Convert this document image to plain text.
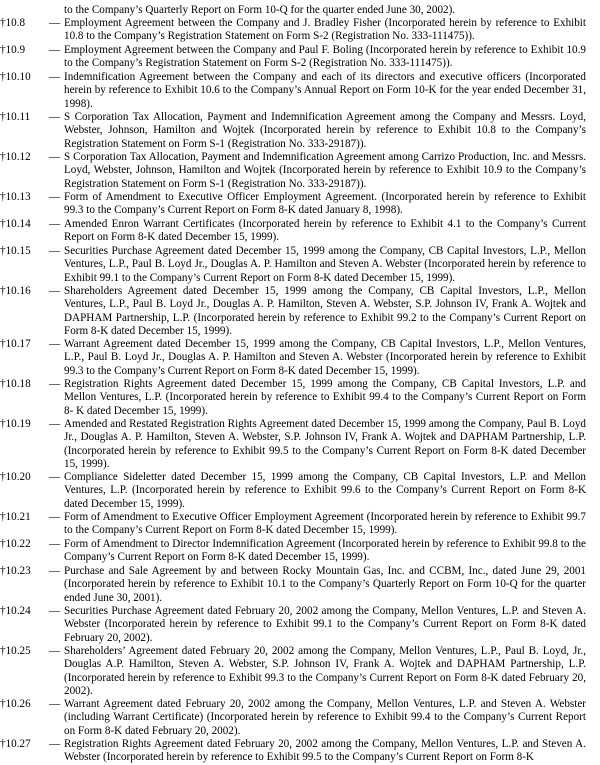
to the Company’s Quarterly Report on Form 10-Q for the quarter ended June 30, 2002).
†10.8	— Employment Agreement between the Company and J. Bradley Fisher (Incorporated herein by reference to Exhibit 10.8 to the Company’s Registration Statement on Form S-2 (Registration No. 333-111475)).
†10.9	— Employment Agreement between the Company and Paul F. Boling (Incorporated herein by reference to Exhibit 10.9 to the Company’s Registration Statement on Form S-2 (Registration No. 333-111475)).
†10.10	— Indemnification Agreement between the Company and each of its directors and executive officers (Incorporated herein by reference to Exhibit 10.6 to the Company’s Annual Report on Form 10-K for the year ended December 31, 1998).
†10.11	— S Corporation Tax Allocation, Payment and Indemnification Agreement among the Company and Messrs. Loyd, Webster, Johnson, Hamilton and Wojtek (Incorporated herein by reference to Exhibit 10.8 to the Company’s Registration Statement on Form S-1 (Registration No. 333-29187)).
†10.12	— S Corporation Tax Allocation, Payment and Indemnification Agreement among Carrizo Production, Inc. and Messrs. Loyd, Webster, Johnson, Hamilton and Wojtek (Incorporated herein by reference to Exhibit 10.9 to the Company’s Registration Statement on Form S-1 (Registration No. 333-29187)).
†10.13	— Form of Amendment to Executive Officer Employment Agreement. (Incorporated herein by reference to Exhibit 99.3 to the Company’s Current Report on Form 8-K dated January 8, 1998).
†10.14	— Amended Enron Warrant Certificates (Incorporated herein by reference to Exhibit 4.1 to the Company’s Current Report on Form 8-K dated December 15, 1999).
†10.15	— Securities Purchase Agreement dated December 15, 1999 among the Company, CB Capital Investors, L.P., Mellon Ventures, L.P., Paul B. Loyd Jr., Douglas A. P. Hamilton and Steven A. Webster (Incorporated herein by reference to Exhibit 99.1 to the Company’s Current Report on Form 8-K dated December 15, 1999).
†10.16	— Shareholders Agreement dated December 15, 1999 among the Company, CB Capital Investors, L.P., Mellon Ventures, L.P., Paul B. Loyd Jr., Douglas A. P. Hamilton, Steven A. Webster, S.P. Johnson IV, Frank A. Wojtek and DAPHAM Partnership, L.P. (Incorporated herein by reference to Exhibit 99.2 to the Company’s Current Report on Form 8-K dated December 15, 1999).
†10.17	— Warrant Agreement dated December 15, 1999 among the Company, CB Capital Investors, L.P., Mellon Ventures, L.P., Paul B. Loyd Jr., Douglas A. P. Hamilton and Steven A. Webster (Incorporated herein by reference to Exhibit 99.3 to the Company’s Current Report on Form 8-K dated December 15, 1999).
†10.18	— Registration Rights Agreement dated December 15, 1999 among the Company, CB Capital Investors, L.P. and Mellon Ventures, L.P. (Incorporated herein by reference to Exhibit 99.4 to the Company’s Current Report on Form 8- K dated December 15, 1999).
†10.19	— Amended and Restated Registration Rights Agreement dated December 15, 1999 among the Company, Paul B. Loyd Jr., Douglas A. P. Hamilton, Steven A. Webster, S.P. Johnson IV, Frank A. Wojtek and DAPHAM Partnership, L.P. (Incorporated herein by reference to Exhibit 99.5 to the Company’s Current Report on Form 8-K dated December 15, 1999).
†10.20	— Compliance Sideletter dated December 15, 1999 among the Company, CB Capital Investors, L.P. and Mellon Ventures, L.P. (Incorporated herein by reference to Exhibit 99.6 to the Company’s Current Report on Form 8-K dated December 15, 1999).
†10.21	— Form of Amendment to Executive Officer Employment Agreement (Incorporated herein by reference to Exhibit 99.7 to the Company’s Current Report on Form 8-K dated December 15, 1999).
†10.22	— Form of Amendment to Director Indemnification Agreement (Incorporated herein by reference to Exhibit 99.8 to the Company’s Current Report on Form 8-K dated December 15, 1999).
†10.23	— Purchase and Sale Agreement by and between Rocky Mountain Gas, Inc. and CCBM, Inc., dated June 29, 2001 (Incorporated herein by reference to Exhibit 10.1 to the Company’s Quarterly Report on Form 10-Q for the quarter ended June 30, 2001).
†10.24	— Securities Purchase Agreement dated February 20, 2002 among the Company, Mellon Ventures, L.P. and Steven A. Webster (Incorporated herein by reference to Exhibit 99.1 to the Company’s Current Report on Form 8-K dated February 20, 2002).
†10.25	— Shareholders’ Agreement dated February 20, 2002 among the Company, Mellon Ventures, L.P., Paul B. Loyd, Jr., Douglas A.P. Hamilton, Steven A. Webster, S.P. Johnson IV, Frank A. Wojtek and DAPHAM Partnership, L.P. (Incorporated herein by reference to Exhibit 99.3 to the Company’s Current Report on Form 8-K dated February 20, 2002).
†10.26	— Warrant Agreement dated February 20, 2002 among the Company, Mellon Ventures, L.P. and Steven A. Webster (including Warrant Certificate) (Incorporated herein by reference to Exhibit 99.4 to the Company’s Current Report on Form 8-K dated February 20, 2002).
†10.27	— Registration Rights Agreement dated February 20, 2002 among the Company, Mellon Ventures, L.P. and Steven A. Webster (Incorporated herein by reference to Exhibit 99.5 to the Company’s Current Report on Form 8-K
